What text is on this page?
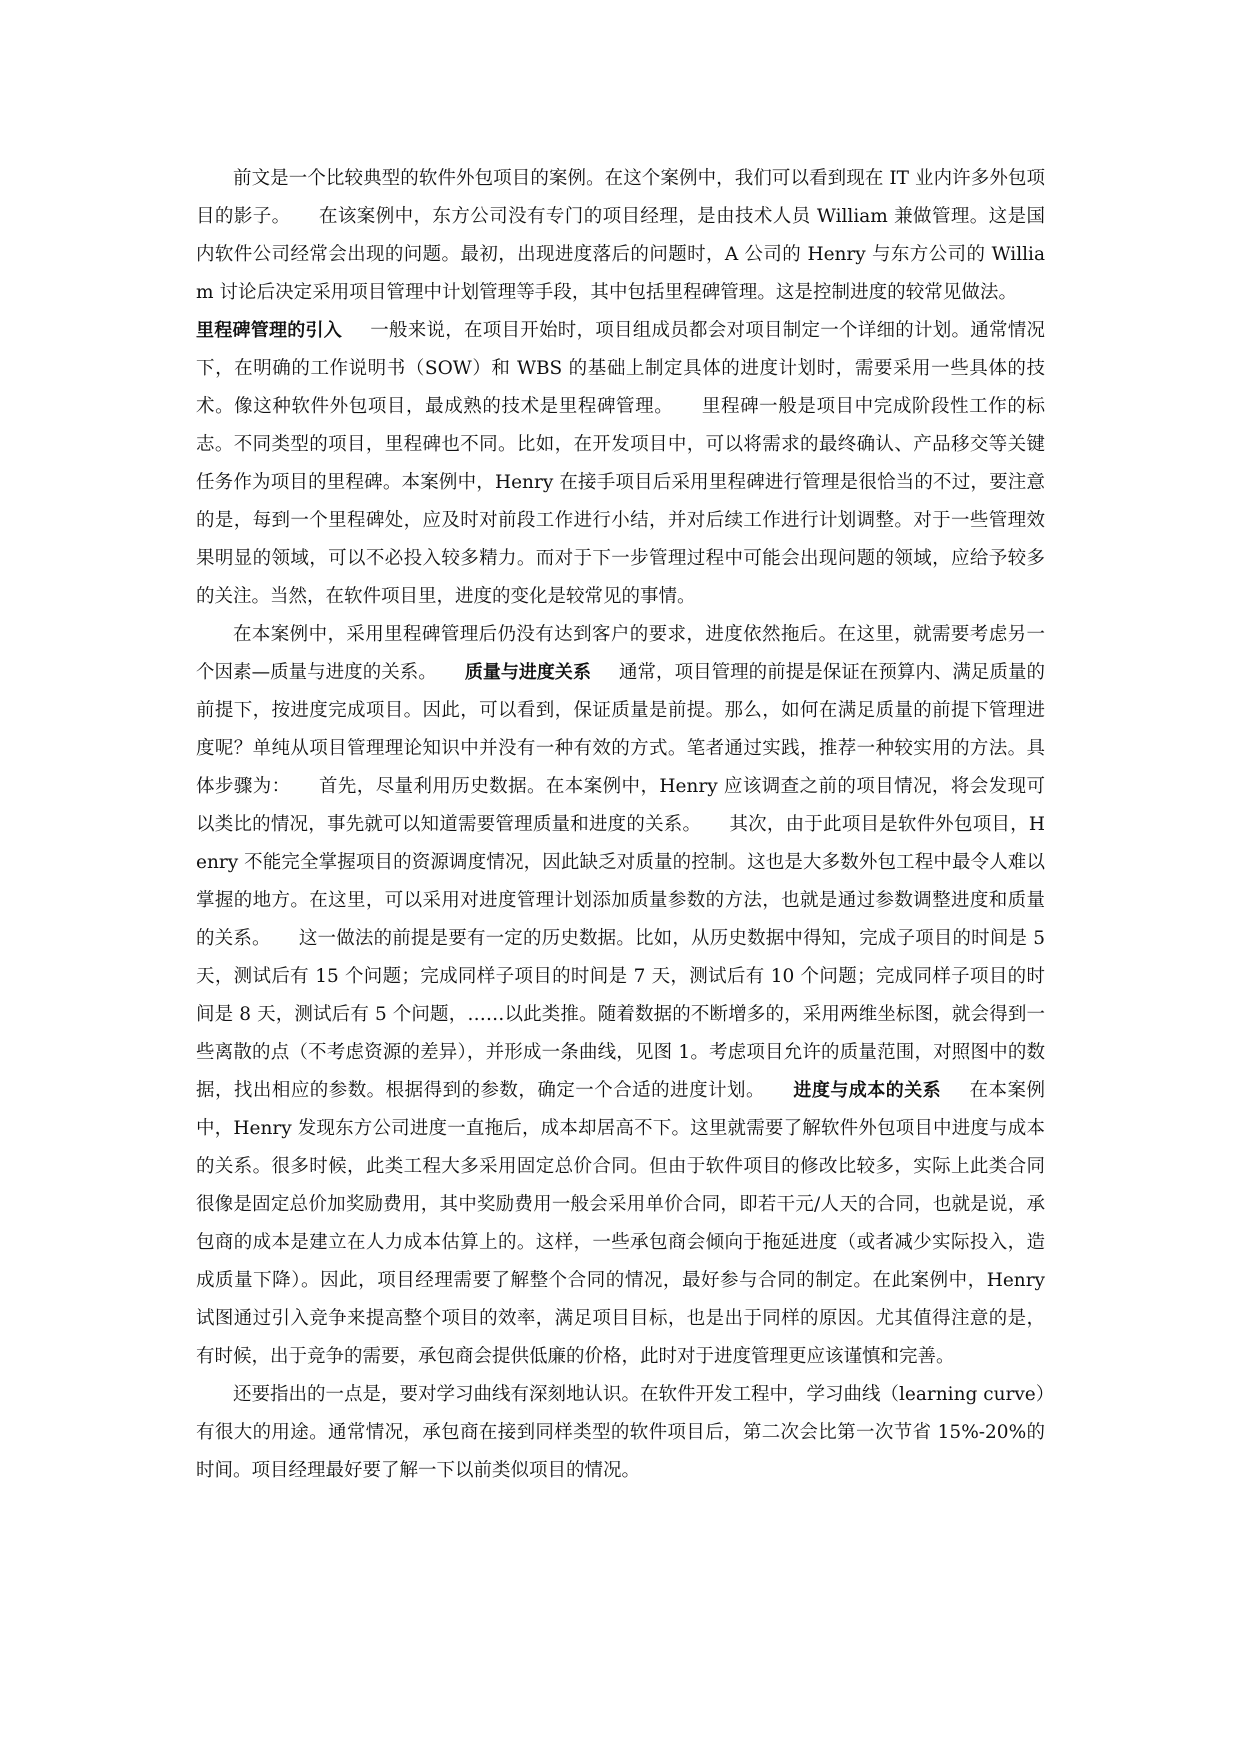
前文是一个比较典型的软件外包项目的案例。在这个案例中，我们可以看到现在 IT 业内许多外包项目的影子。 在该案例中，东方公司没有专门的项目经理，是由技术人员 William 兼做管理。这是国内软件公司经常会出现的问题。最初，出现进度落后的问题时，A 公司的 Henry 与东方公司的 William 讨论后决定采用项目管理中计划管理等手段，其中包括里程碑管理。这是控制进度的较常见做法。里程碑管理的引入 一般来说，在项目开始时，项目组成员都会对项目制定一个详细的计划。通常情况下，在明确的工作说明书（SOW）和 WBS 的基础上制定具体的进度计划时，需要采用一些具体的技术。像这种软件外包项目，最成熟的技术是里程碑管理。 里程碑一般是项目中完成阶段性工作的标志。不同类型的项目，里程碑也不同。比如，在开发项目中，可以将需求的最终确认、产品移交等关键任务作为项目的里程碑。本案例中，Henry 在接手项目后采用里程碑进行管理是很恰当的不过，要注意的是，每到一个里程碑处，应及时对前段工作进行小结，并对后续工作进行计划调整。对于一些管理效果明显的领域，可以不必投入较多精力。而对于下一步管理过程中可能会出现问题的领域，应给予较多的关注。当然，在软件项目里，进度的变化是较常见的事情。

在本案例中，采用里程碑管理后仍没有达到客户的要求，进度依然拖后。在这里，就需要考虑另一个因素—质量与进度的关系。 质量与进度关系 通常，项目管理的前提是保证在预算内、满足质量的前提下，按进度完成项目。因此，可以看到，保证质量是前提。那么，如何在满足质量的前提下管理进度呢？单纯从项目管理理论知识中并没有一种有效的方式。笔者通过实践，推荐一种较实用的方法。具体步骤为： 首先，尽量利用历史数据。在本案例中，Henry 应该调查之前的项目情况，将会发现可以类比的情况，事先就可以知道需要管理质量和进度的关系。 其次，由于此项目是软件外包项目，Henry 不能完全掌握项目的资源调度情况，因此缺乏对质量的控制。这也是大多数外包工程中最令人难以掌握的地方。在这里，可以采用对进度管理计划添加质量参数的方法，也就是通过参数调整进度和质量的关系。 这一做法的前提是要有一定的历史数据。比如，从历史数据中得知，完成子项目的时间是 5 天，测试后有 15 个问题；完成同样子项目的时间是 7 天，测试后有 10 个问题；完成同样子项目的时间是 8 天，测试后有 5 个问题，……以此类推。随着数据的不断增多的，采用两维坐标图，就会得到一些离散的点（不考虑资源的差异），并形成一条曲线，见图 1。考虑项目允许的质量范围，对照图中的数据，找出相应的参数。根据得到的参数，确定一个合适的进度计划。 进度与成本的关系 在本案例中，Henry 发现东方公司进度一直拖后，成本却居高不下。这里就需要了解软件外包项目中进度与成本的关系。很多时候，此类工程大多采用固定总价合同。但由于软件项目的修改比较多，实际上此类合同很像是固定总价加奖励费用，其中奖励费用一般会采用单价合同，即若干元/人天的合同，也就是说，承包商的成本是建立在人力成本估算上的。这样，一些承包商会倾向于拖延进度（或者减少实际投入，造成质量下降）。因此，项目经理需要了解整个合同的情况，最好参与合同的制定。在此案例中，Henry 试图通过引入竞争来提高整个项目的效率，满足项目目标，也是出于同样的原因。尤其值得注意的是，有时候，出于竞争的需要，承包商会提供低廉的价格，此时对于进度管理更应该谨慎和完善。

还要指出的一点是，要对学习曲线有深刻地认识。在软件开发工程中，学习曲线（learning curve）有很大的用途。通常情况，承包商在接到同样类型的软件项目后，第二次会比第一次节省 15%-20%的时间。项目经理最好要了解一下以前类似项目的情况。
